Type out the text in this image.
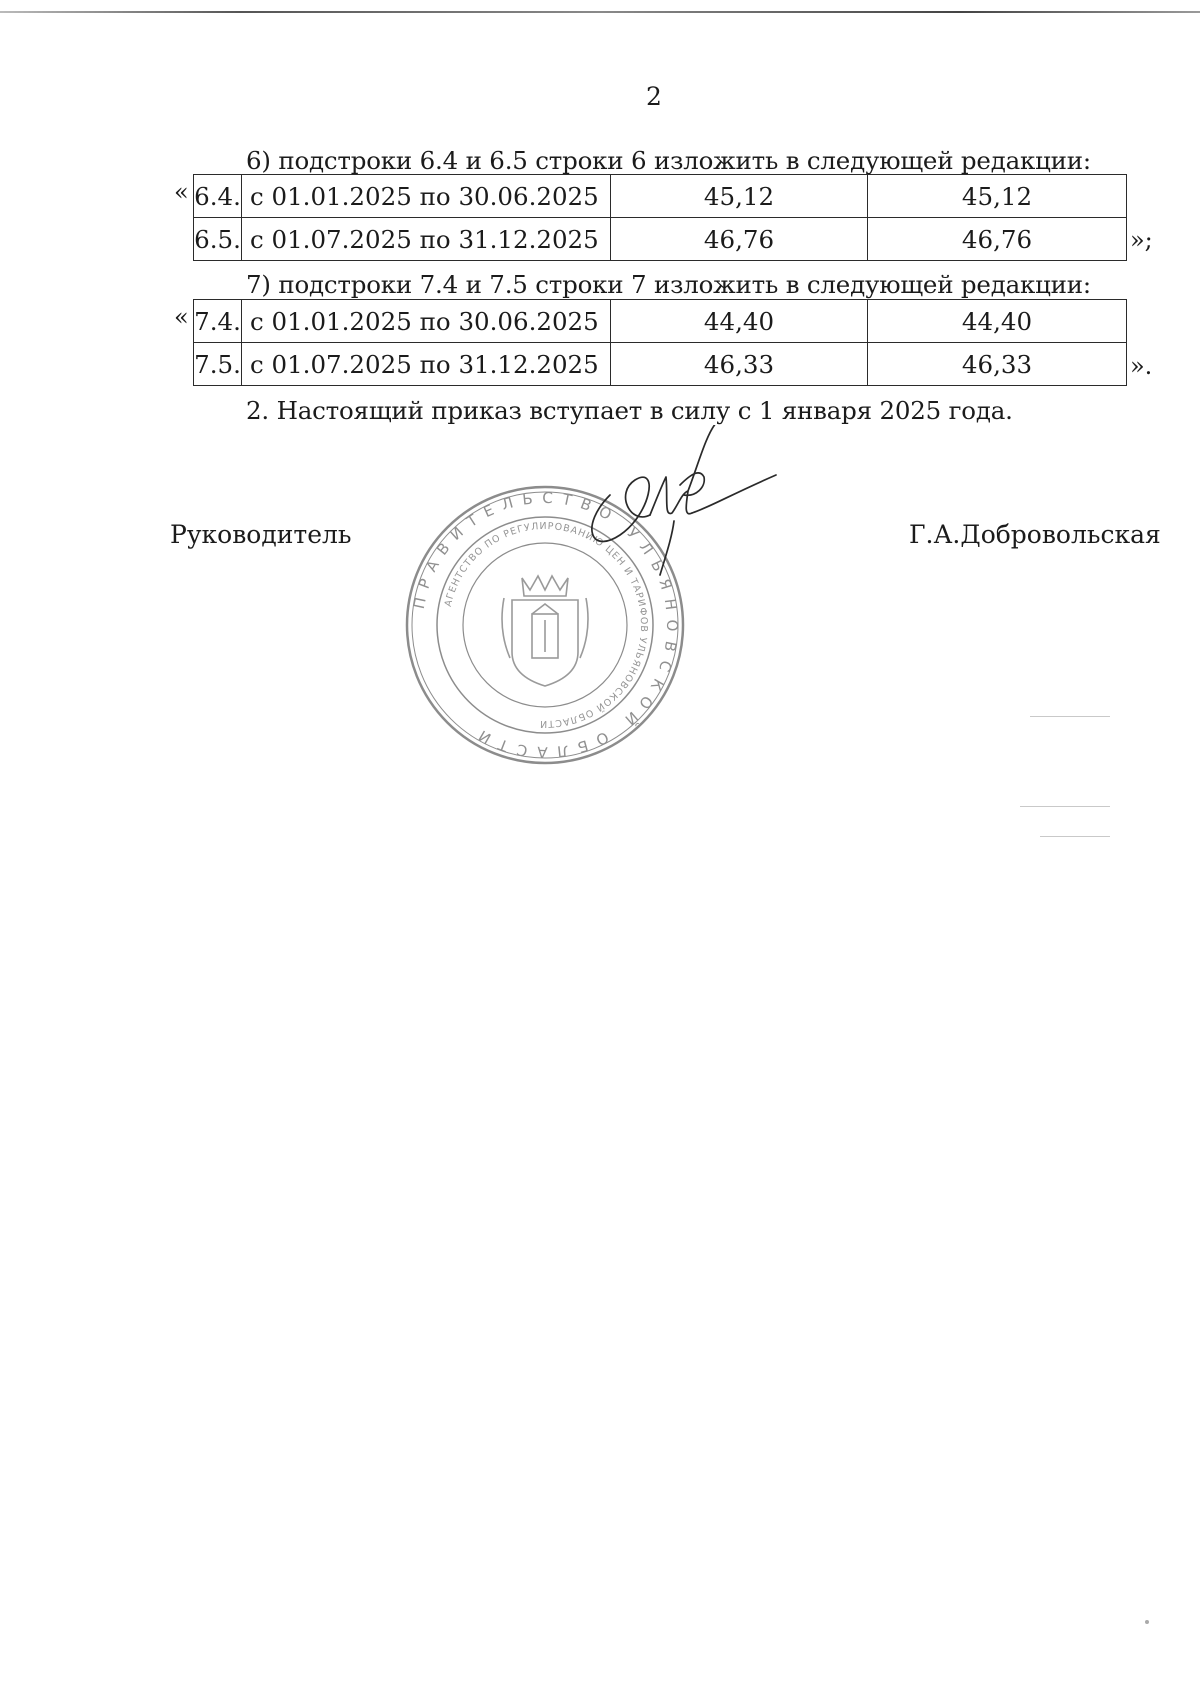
2
6) подстроки 6.4 и 6.5 строки 6 изложить в следующей редакции:
« 6.4.	с 01.01.2025 по 30.06.2025	45,12	45,12
6.5.	с 01.07.2025 по 31.12.2025	46,76	46,76	»;
7) подстроки 7.4 и 7.5 строки 7 изложить в следующей редакции:
« 7.4.	с 01.01.2025 по 30.06.2025	44,40	44,40
7.5.	с 01.07.2025 по 31.12.2025	46,33	46,33	».
2. Настоящий приказ вступает в силу с 1 января 2025 года.
ПРАВИТЕЛЬСТВО УЛЬЯНОВСКОЙ ОБЛАСТИ
АГЕНТСТВО ПО РЕГУЛИРОВАНИЮ ЦЕН И ТАРИФОВ УЛЬЯНОВСКОЙ ОБЛАСТИ
Руководитель	Г.А.Добровольская
